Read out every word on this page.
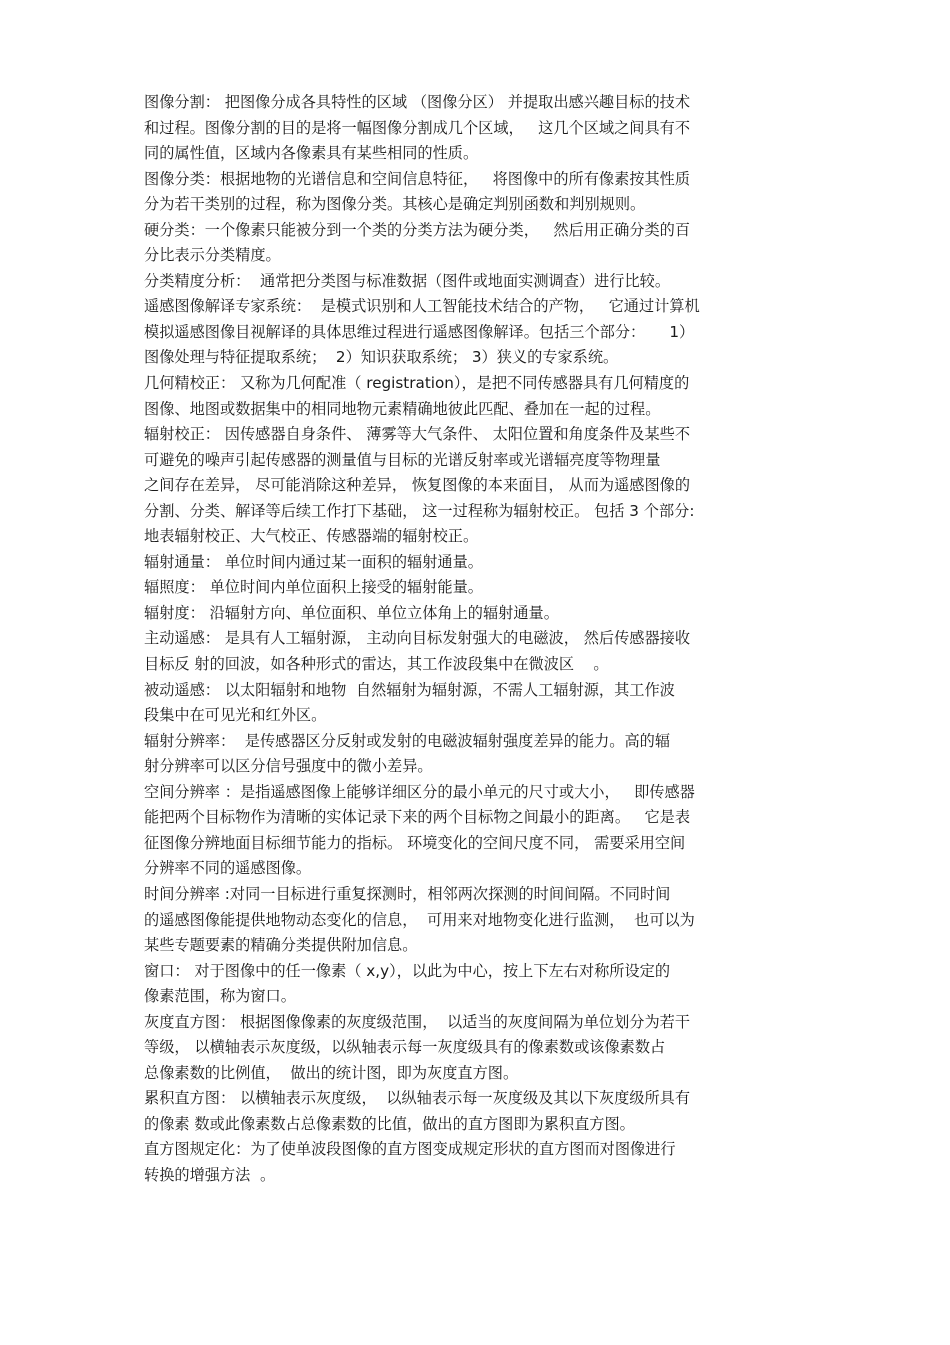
图像分割： 把图像分成各具特性的区域 （图像分区） 并提取出感兴趣目标的技术
和过程。图像分割的目的是将一幅图像分割成几个区域，   这几个区域之间具有不
同的属性值，区域内各像素具有某些相同的性质。
图像分类：根据地物的光谱信息和空间信息特征，   将图像中的所有像素按其性质
分为若干类别的过程，称为图像分类。其核心是确定判别函数和判别规则。
硬分类：一个像素只能被分到一个类的分类方法为硬分类，   然后用正确分类的百
分比表示分类精度。
分类精度分析：  通常把分类图与标准数据（图件或地面实测调查）进行比较。
遥感图像解译专家系统：  是模式识别和人工智能技术结合的产物，   它通过计算机
模拟遥感图像目视解译的具体思维过程进行遥感图像解译。包括三个部分：     1）
图像处理与特征提取系统；  2）知识获取系统； 3）狭义的专家系统。
几何精校正： 又称为几何配准（ registration），是把不同传感器具有几何精度的
图像、地图或数据集中的相同地物元素精确地彼此匹配、叠加在一起的过程。
辐射校正： 因传感器自身条件、 薄雾等大气条件、 太阳位置和角度条件及某些不
可避免的噪声引起传感器的测量值与目标的光谱反射率或光谱辐亮度等物理量
之间存在差异， 尽可能消除这种差异， 恢复图像的本来面目， 从而为遥感图像的
分割、分类、解译等后续工作打下基础， 这一过程称为辐射校正。 包括 3 个部分:
地表辐射校正、大气校正、传感器端的辐射校正。
辐射通量： 单位时间内通过某一面积的辐射通量。
辐照度： 单位时间内单位面积上接受的辐射能量。
辐射度： 沿辐射方向、单位面积、单位立体角上的辐射通量。
主动遥感： 是具有人工辐射源， 主动向目标发射强大的电磁波， 然后传感器接收
目标反 射的回波，如各种形式的雷达，其工作波段集中在微波区    。
被动遥感： 以太阳辐射和地物  自然辐射为辐射源，不需人工辐射源，其工作波
段集中在可见光和红外区。
辐射分辨率：  是传感器区分反射或发射的电磁波辐射强度差异的能力。高的辐
射分辨率可以区分信号强度中的微小差异。
空间分辨率 ：是指遥感图像上能够详细区分的最小单元的尺寸或大小，   即传感器
能把两个目标物作为清晰的实体记录下来的两个目标物之间最小的距离。   它是表
征图像分辨地面目标细节能力的指标。 环境变化的空间尺度不同， 需要采用空间
分辨率不同的遥感图像。
时间分辨率 :对同一目标进行重复探测时，相邻两次探测的时间间隔。不同时间
的遥感图像能提供地物动态变化的信息，  可用来对地物变化进行监测，  也可以为
某些专题要素的精确分类提供附加信息。
窗口： 对于图像中的任一像素（ x,y），以此为中心，按上下左右对称所设定的
像素范围，称为窗口。
灰度直方图： 根据图像像素的灰度级范围，  以适当的灰度间隔为单位划分为若干
等级， 以横轴表示灰度级，以纵轴表示每一灰度级具有的像素数或该像素数占
总像素数的比例值，  做出的统计图，即为灰度直方图。
累积直方图： 以横轴表示灰度级，  以纵轴表示每一灰度级及其以下灰度级所具有
的像素 数或此像素数占总像素数的比值，做出的直方图即为累积直方图。
直方图规定化：为了使单波段图像的直方图变成规定形状的直方图而对图像进行
转换的增强方法  。
